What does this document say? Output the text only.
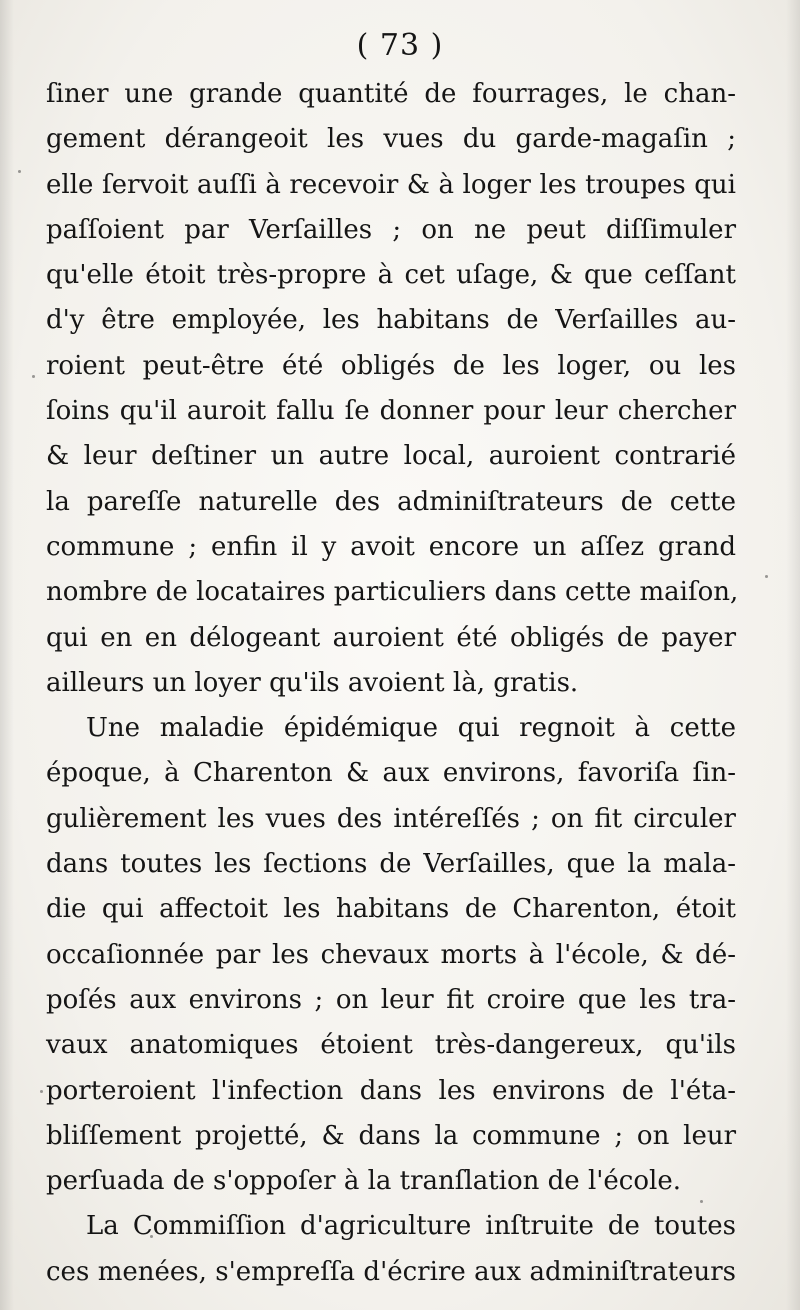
( 73 )
ſiner une grande quantité de fourrages, le chan-
gement dérangeoit les vues du garde-magaſin ;
elle ſervoit auſſi à recevoir & à loger les troupes qui
paſſoient par Verſailles ; on ne peut diſſimuler
qu'elle étoit très-propre à cet uſage, & que ceſſant
d'y être employée, les habitans de Verſailles au-
roient peut-être été obligés de les loger, ou les
ſoins qu'il auroit fallu ſe donner pour leur chercher
& leur deſtiner un autre local, auroient contrarié
la pareſſe naturelle des adminiſtrateurs de cette
commune ; enfin il y avoit encore un aſſez grand
nombre de locataires particuliers dans cette maiſon,
qui en en délogeant auroient été obligés de payer
ailleurs un loyer qu'ils avoient là, gratis.
Une maladie épidémique qui regnoit à cette
époque, à Charenton & aux environs, favoriſa ſin-
gulièrement les vues des intéreſſés ; on fit circuler
dans toutes les ſections de Verſailles, que la mala-
die qui affectoit les habitans de Charenton, étoit
occaſionnée par les chevaux morts à l'école, & dé-
poſés aux environs ; on leur fit croire que les tra-
vaux anatomiques étoient très-dangereux, qu'ils
porteroient l'infection dans les environs de l'éta-
bliſſement projetté, & dans la commune ; on leur
perſuada de s'oppoſer à la tranſlation de l'école.
La Commiſſion d'agriculture inſtruite de toutes
ces menées, s'empreſſa d'écrire aux adminiſtrateurs
